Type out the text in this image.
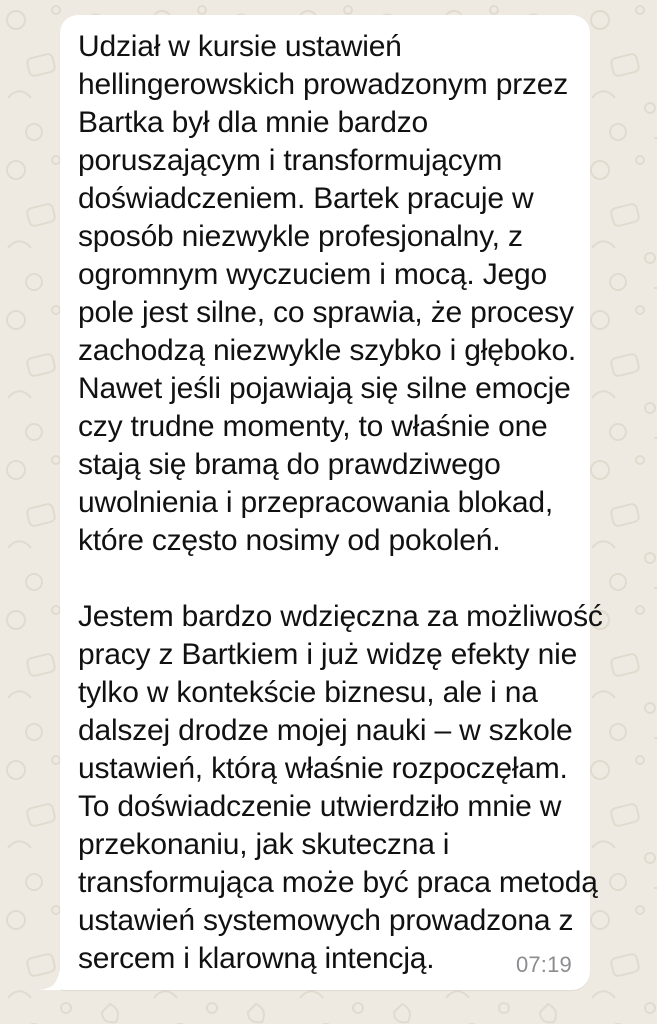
Udział w kursie ustawień
hellingerowskich prowadzonym przez
Bartka był dla mnie bardzo
poruszającym i transformującym
doświadczeniem. Bartek pracuje w
sposób niezwykle profesjonalny, z
ogromnym wyczuciem i mocą. Jego
pole jest silne, co sprawia, że procesy
zachodzą niezwykle szybko i głęboko.
Nawet jeśli pojawiają się silne emocje
czy trudne momenty, to właśnie one
stają się bramą do prawdziwego
uwolnienia i przepracowania blokad,
które często nosimy od pokoleń.
Jestem bardzo wdzięczna za możliwość
pracy z Bartkiem i już widzę efekty nie
tylko w kontekście biznesu, ale i na
dalszej drodze mojej nauki – w szkole
ustawień, którą właśnie rozpoczęłam.
To doświadczenie utwierdziło mnie w
przekonaniu, jak skuteczna i
transformująca może być praca metodą
ustawień systemowych prowadzona z
sercem i klarowną intencją.	07:19
